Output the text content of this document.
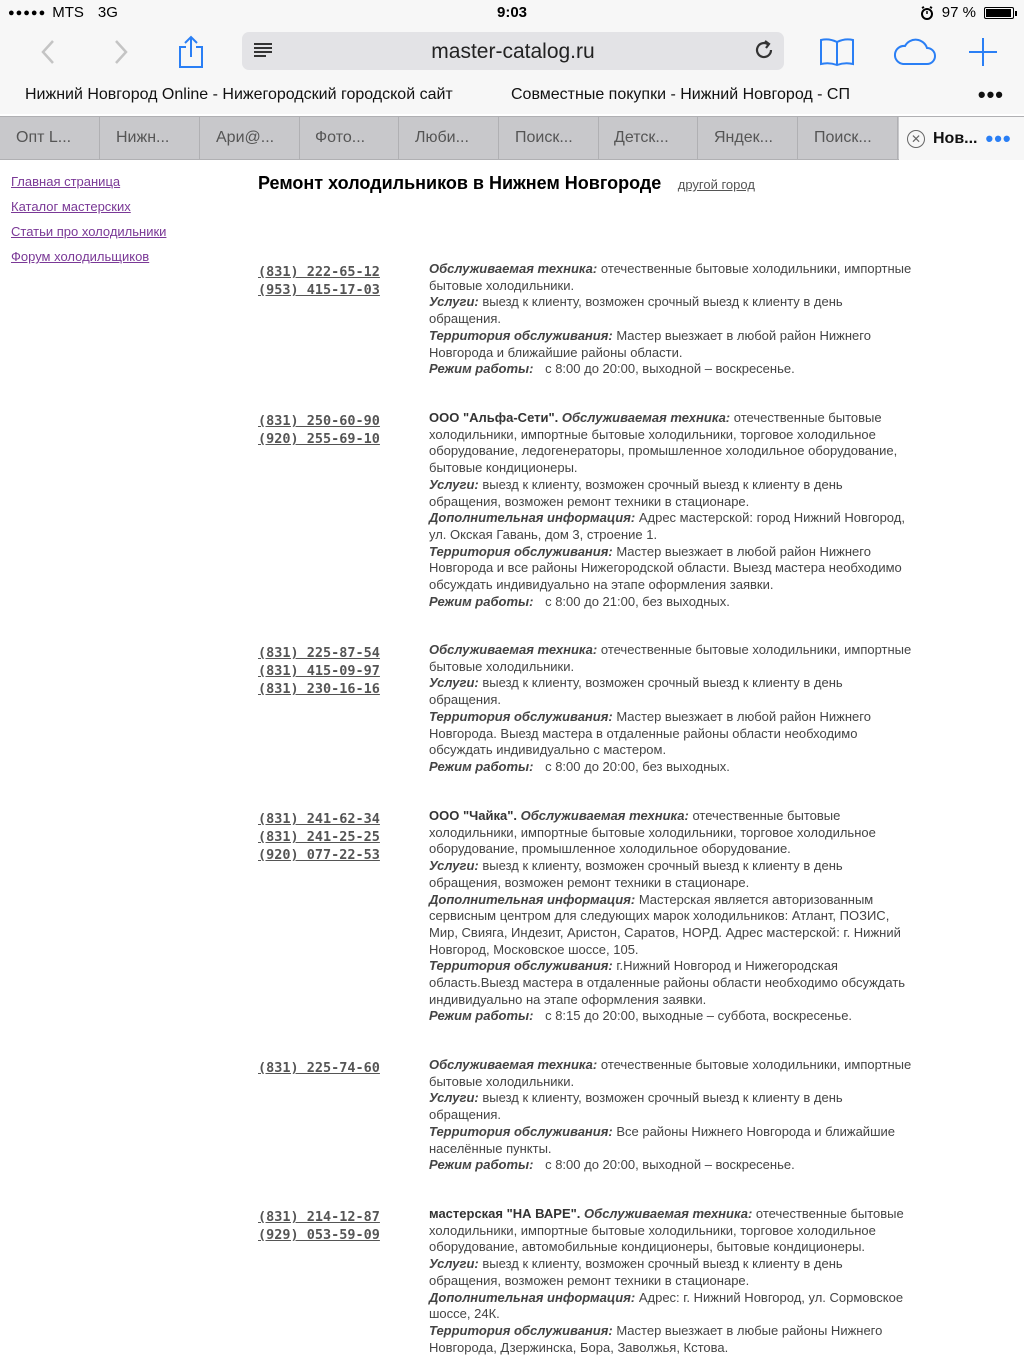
●●●●● MTS 3G	9:03	97 %
master-catalog.ru
Нижний Новгород Online - Нижегородский городской сайт	Совместные покупки - Нижний Новгород - СП	•••
Опт L...	Нижн...	Ари@...	Фото...	Люби...	Поиск...	Детск...	Яндек...	Поиск...	✕ Нов... •••
Главная страница
Каталог мастерских
Статьи про холодильники
Форум холодильщиков
Ремонт холодильников в Нижнем Новгороде другой город
(831) 222-65-12
(953) 415-17-03
Обслуживаемая техника: отечественные бытовые холодильники, импортные бытовые холодильники.
Услуги: выезд к клиенту, возможен срочный выезд к клиенту в день обращения.
Территория обслуживания: Мастер выезжает в любой район Нижнего Новгорода и ближайшие районы области.
Режим работы: с 8:00 до 20:00, выходной – воскресенье.
(831) 250-60-90
(920) 255-69-10
ООО "Альфа-Сети". Обслуживаемая техника: отечественные бытовые холодильники, импортные бытовые холодильники, торговое холодильное оборудование, ледогенераторы, промышленное холодильное оборудование, бытовые кондиционеры.
Услуги: выезд к клиенту, возможен срочный выезд к клиенту в день обращения, возможен ремонт техники в стационаре.
Дополнительная информация: Адрес мастерской: город Нижний Новгород, ул. Окская Гавань, дом 3, строение 1.
Территория обслуживания: Мастер выезжает в любой район Нижнего Новгорода и все районы Нижегородской области. Выезд мастера необходимо обсуждать индивидуально на этапе оформления заявки.
Режим работы: с 8:00 до 21:00, без выходных.
(831) 225-87-54
(831) 415-09-97
(831) 230-16-16
Обслуживаемая техника: отечественные бытовые холодильники, импортные бытовые холодильники.
Услуги: выезд к клиенту, возможен срочный выезд к клиенту в день обращения.
Территория обслуживания: Мастер выезжает в любой район Нижнего Новгорода. Выезд мастера в отдаленные районы области необходимо обсуждать индивидуально с мастером.
Режим работы: с 8:00 до 20:00, без выходных.
(831) 241-62-34
(831) 241-25-25
(920) 077-22-53
ООО "Чайка". Обслуживаемая техника: отечественные бытовые холодильники, импортные бытовые холодильники, торговое холодильное оборудование, промышленное холодильное оборудование.
Услуги: выезд к клиенту, возможен срочный выезд к клиенту в день обращения, возможен ремонт техники в стационаре.
Дополнительная информация: Мастерская является авторизованным сервисным центром для следующих марок холодильников: Атлант, ПОЗИС, Мир, Свияга, Индезит, Аристон, Саратов, НОРД. Адрес мастерской: г. Нижний Новгород, Московское шоссе, 105.
Территория обслуживания: г.Нижний Новгород и Нижегородская область.Выезд мастера в отдаленные районы области необходимо обсуждать индивидуально на этапе оформления заявки.
Режим работы: с 8:15 до 20:00, выходные – суббота, воскресенье.
(831) 225-74-60	Обслуживаемая техника: отечественные бытовые холодильники, импортные бытовые холодильники.
Услуги: выезд к клиенту, возможен срочный выезд к клиенту в день обращения.
Территория обслуживания: Все районы Нижнего Новгорода и ближайшие населённые пункты.
Режим работы: с 8:00 до 20:00, выходной – воскресенье.
(831) 214-12-87
(929) 053-59-09
мастерская "НА ВАРЕ". Обслуживаемая техника: отечественные бытовые холодильники, импортные бытовые холодильники, торговое холодильное оборудование, автомобильные кондиционеры, бытовые кондиционеры.
Услуги: выезд к клиенту, возможен срочный выезд к клиенту в день обращения, возможен ремонт техники в стационаре.
Дополнительная информация: Адрес: г. Нижний Новгород, ул. Сормовское шоссе, 24К.
Территория обслуживания: Мастер выезжает в любые районы Нижнего Новгорода, Дзержинска, Бора, Заволжья, Кстова.
